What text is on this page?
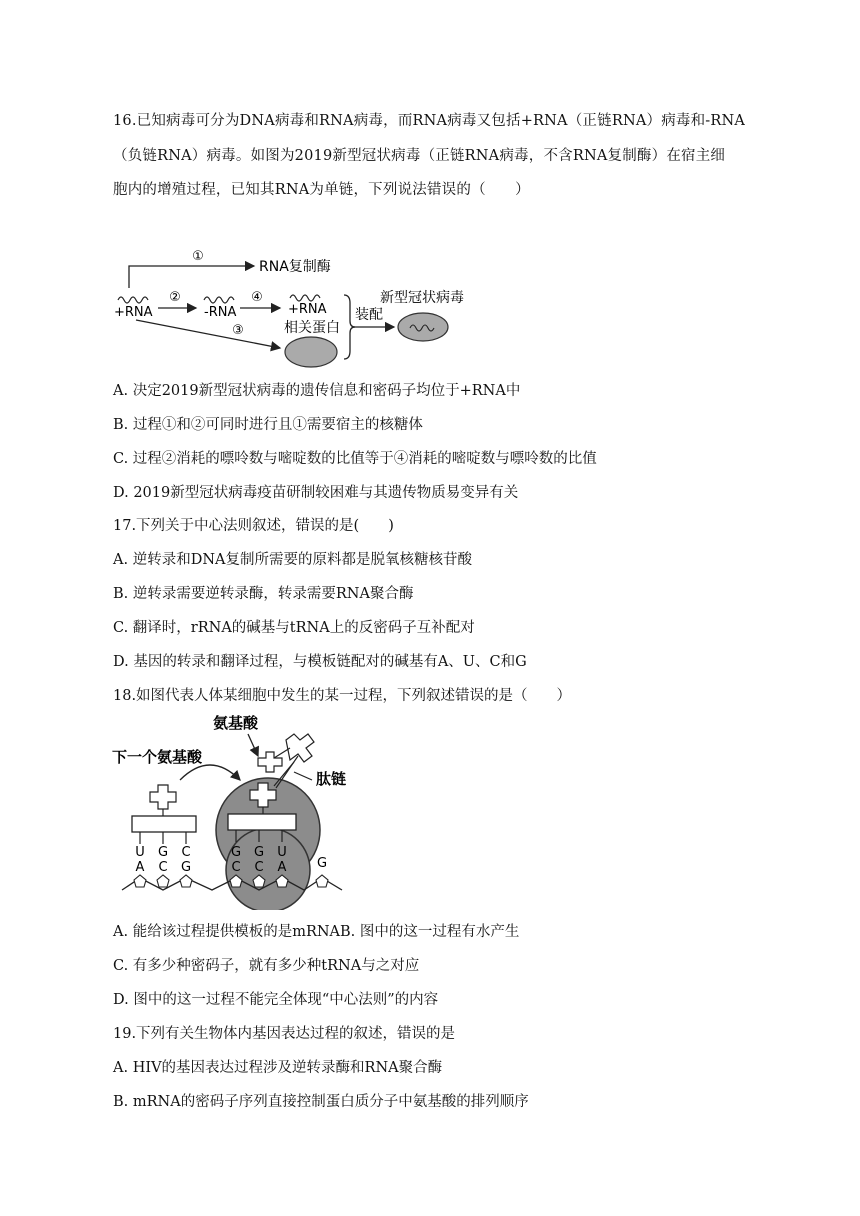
16.已知病毒可分为DNA病毒和RNA病毒，而RNA病毒又包括+RNA（正链RNA）病毒和-RNA
（负链RNA）病毒。如图为2019新型冠状病毒（正链RNA病毒，不含RNA复制酶）在宿主细
胞内的增殖过程，已知其RNA为单链，下列说法错误的（　　）
①
RNA复制酶
+RNA
②
-RNA
④
+RNA
相关蛋白
③
装配
新型冠状病毒
A. 决定2019新型冠状病毒的遗传信息和密码子均位于+RNA中
B. 过程①和②可同时进行且①需要宿主的核糖体
C. 过程②消耗的嘌呤数与嘧啶数的比值等于④消耗的嘧啶数与嘌呤数的比值
D. 2019新型冠状病毒疫苗研制较困难与其遗传物质易变异有关
17.下列关于中心法则叙述，错误的是(　　)
A. 逆转录和DNA复制所需要的原料都是脱氧核糖核苷酸
B. 逆转录需要逆转录酶，转录需要RNA聚合酶
C. 翻译时，rRNA的碱基与tRNA上的反密码子互补配对
D. 基因的转录和翻译过程，与模板链配对的碱基有A、U、C和G
18.如图代表人体某细胞中发生的某一过程，下列叙述错误的是（　　）
氨基酸
下一个氨基酸
肽链
U G C
A C G
G G U
C C A G
A. 能给该过程提供模板的是mRNAB. 图中的这一过程有水产生
C. 有多少种密码子，就有多少种tRNA与之对应
D. 图中的这一过程不能完全体现“中心法则”的内容
19.下列有关生物体内基因表达过程的叙述，错误的是
A. HIV的基因表达过程涉及逆转录酶和RNA聚合酶
B. mRNA的密码子序列直接控制蛋白质分子中氨基酸的排列顺序
